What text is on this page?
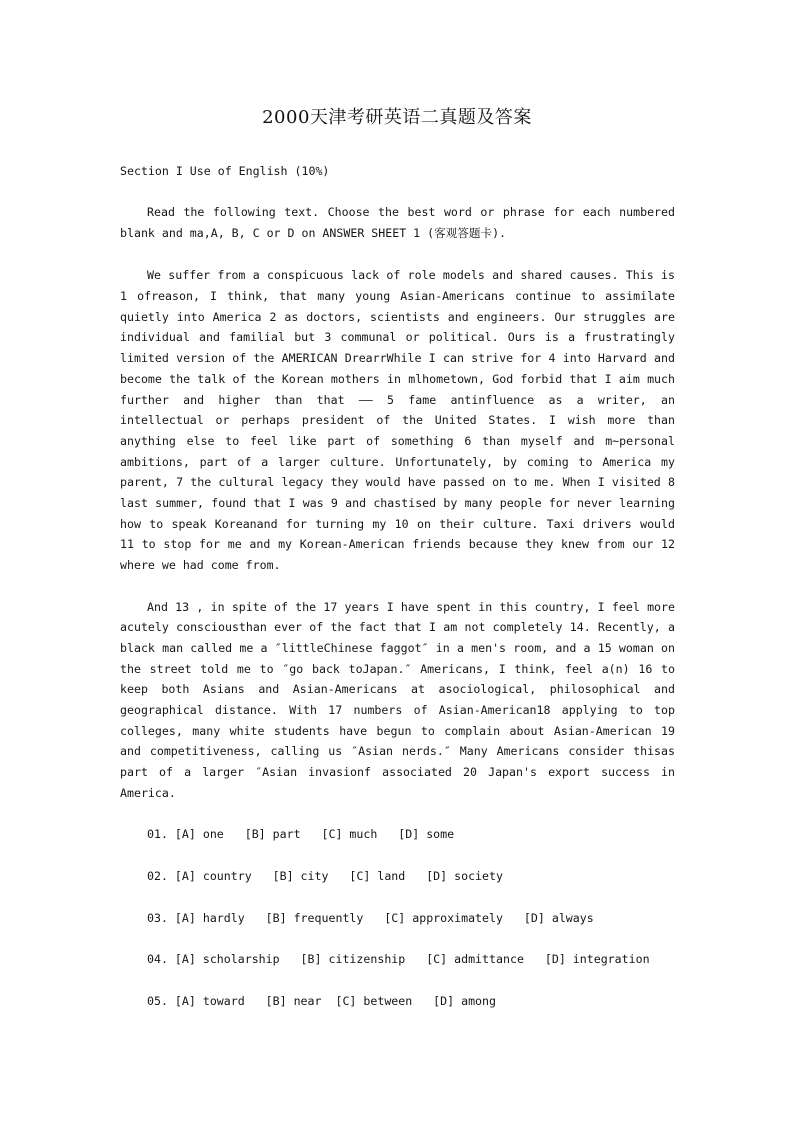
2000天津考研英语二真题及答案

Section I Use of English (10%)

Read the following text. Choose the best word or phrase for each numbered blank and ma,A, B, C or D on ANSWER SHEET 1 (客观答题卡).

We suffer from a conspicuous lack of role models and shared causes. This is 1 ofreason, I think, that many young Asian-Americans continue to assimilate quietly into America 2 as doctors, scientists and engineers. Our struggles are individual and familial but 3 communal or political. Ours is a frustratingly limited version of the AMERICAN DrearrWhile I can strive for 4 into Harvard and become the talk of the Korean mothers in mlhometown, God forbid that I aim much further and higher than that —— 5 fame antinfluence as a writer, an intellectual or perhaps president of the United States. I wish more than anything else to feel like part of something 6 than myself and m~personal ambitions, part of a larger culture. Unfortunately, by coming to America my parent, 7 the cultural legacy they would have passed on to me. When I visited 8 last summer, found that I was 9 and chastised by many people for never learning how to speak Koreanand for turning my 10 on their culture. Taxi drivers would 11 to stop for me and my Korean-American friends because they knew from our 12 where we had come from.

And 13 , in spite of the 17 years I have spent in this country, I feel more acutely consciousthan ever of the fact that I am not completely 14. Recently, a black man called me a ″littleChinese faggot″ in a men's room, and a 15 woman on the street told me to ″go back toJapan.″ Americans, I think, feel a(n) 16 to keep both Asians and Asian-Americans at asociological, philosophical and geographical distance. With 17 numbers of Asian-American18 applying to top colleges, many white students have begun to complain about Asian-American 19 and competitiveness, calling us ″Asian nerds.″ Many Americans consider thisas part of a larger ″Asian invasionf associated 20 Japan's export success in America.

01. [A] one   [B] part   [C] much   [D] some
02. [A] country   [B] city   [C] land   [D] society
03. [A] hardly   [B] frequently   [C] approximately   [D] always
04. [A] scholarship   [B] citizenship   [C] admittance   [D] integration
05. [A] toward   [B] near  [C] between   [D] among
